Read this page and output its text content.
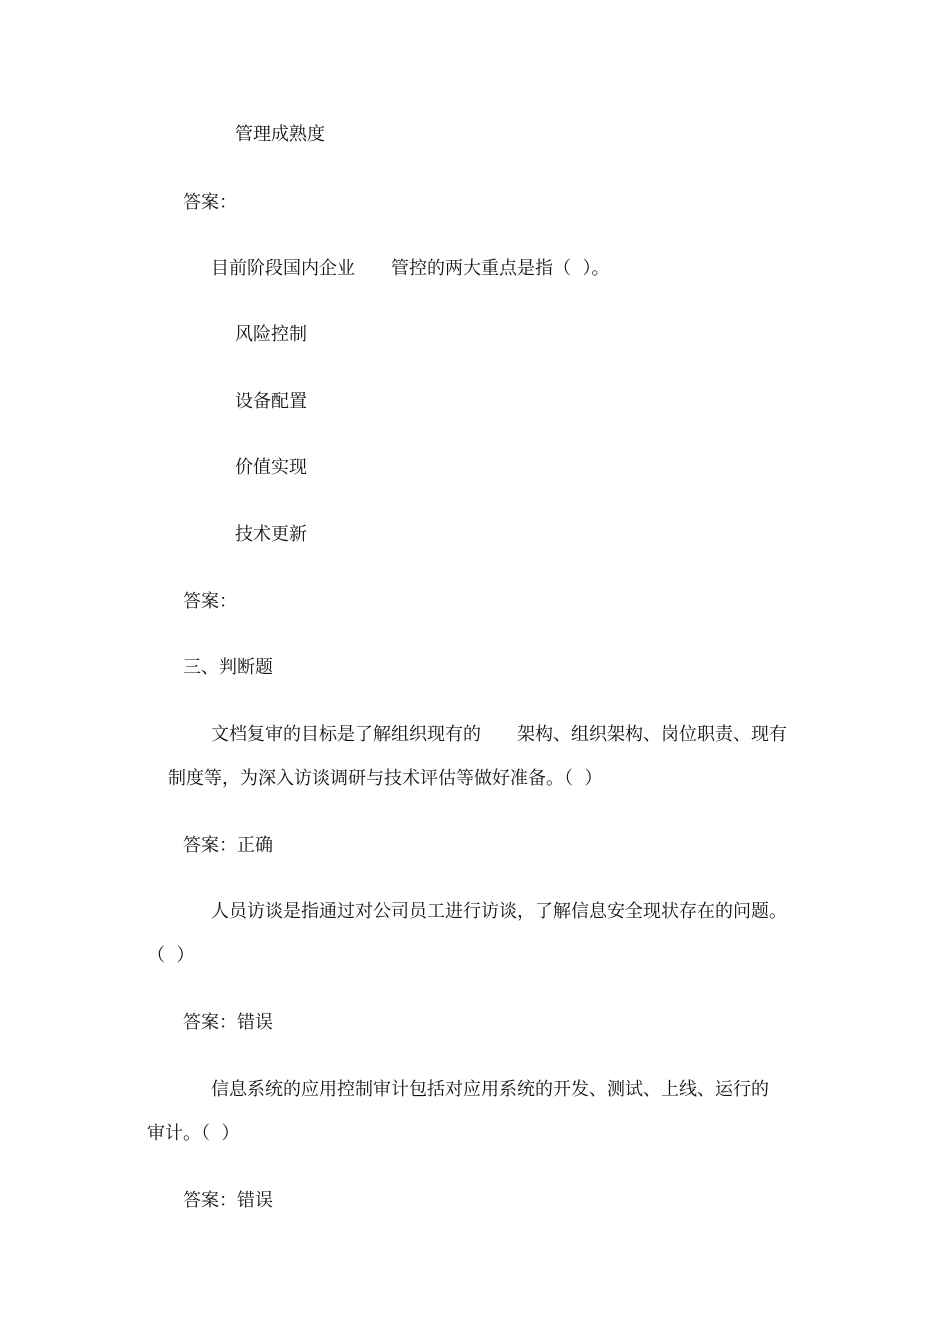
管理成熟度
答案：
目前阶段国内企业　　管控的两大重点是指（  ）。
风险控制
设备配置
价值实现
技术更新
答案：
三、判断题
文档复审的目标是了解组织现有的　　架构、组织架构、岗位职责、现有
制度等，为深入访谈调研与技术评估等做好准备。（  ）
答案：正确
人员访谈是指通过对公司员工进行访谈，了解信息安全现状存在的问题。
（  ）
答案：错误
信息系统的应用控制审计包括对应用系统的开发、测试、上线、运行的
审计。（  ）
答案：错误
